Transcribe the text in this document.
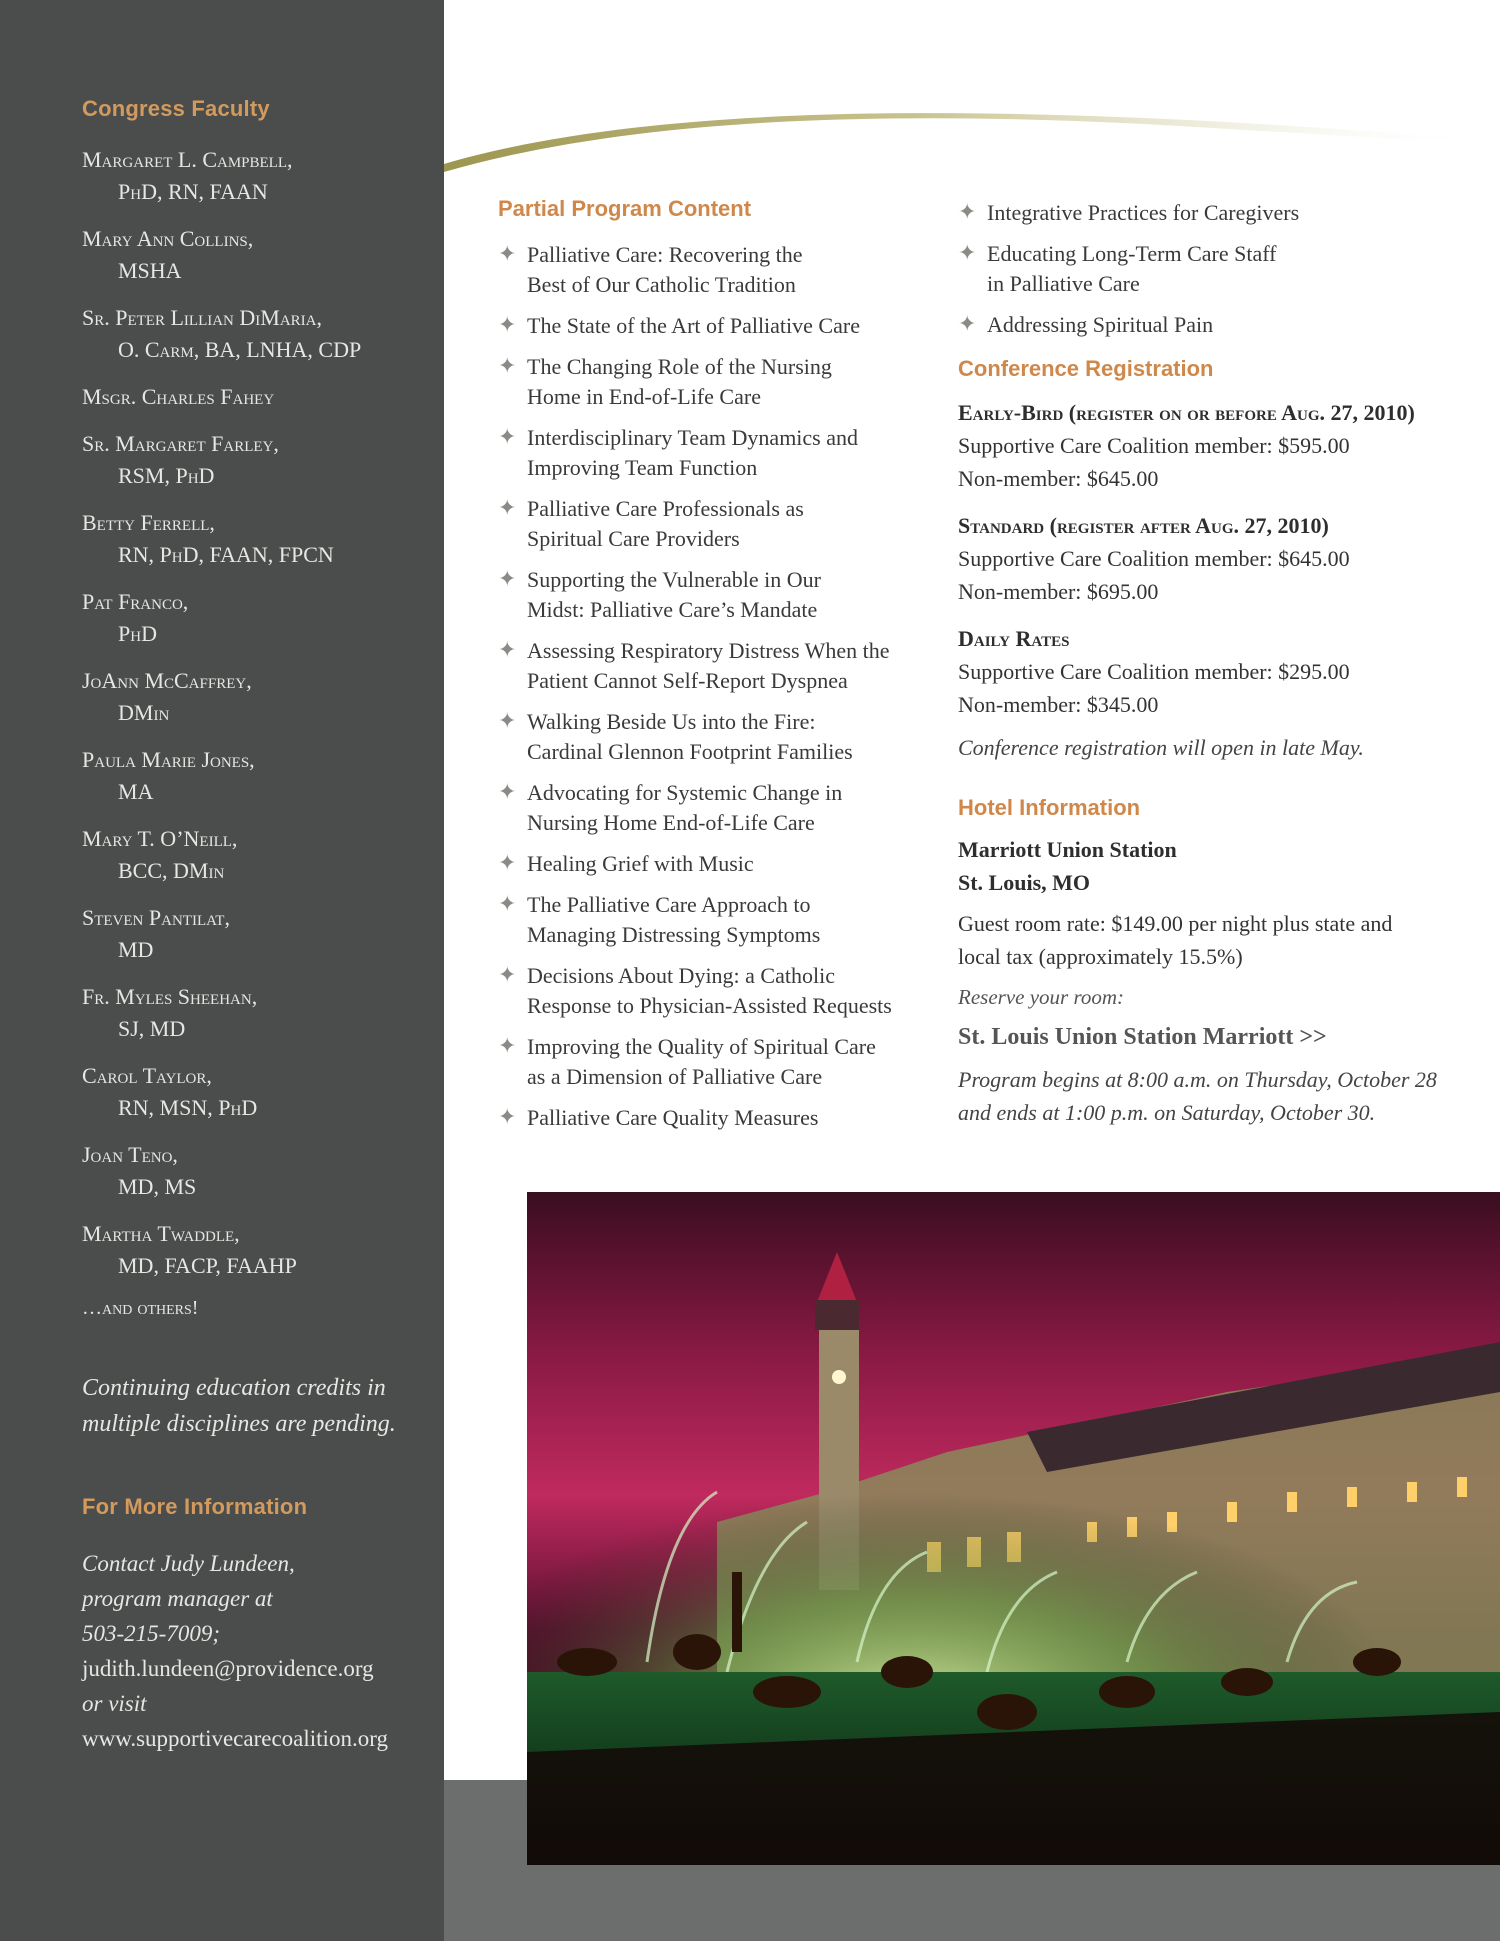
Congress Faculty
Margaret L. Campbell,
PhD, RN, FAAN
Mary Ann Collins,
MSHA
Sr. Peter Lillian DiMaria,
O. Carm, BA, LNHA, CDP
Msgr. Charles Fahey
Sr. Margaret Farley,
RSM, PhD
Betty Ferrell,
RN, PhD, FAAN, FPCN
Pat Franco,
PhD
JoAnn McCaffrey,
DMin
Paula Marie Jones,
MA
Mary T. O’Neill,
BCC, DMin
Steven Pantilat,
MD
Fr. Myles Sheehan,
SJ, MD
Carol Taylor,
RN, MSN, PhD
Joan Teno,
MD, MS
Martha Twaddle,
MD, FACP, FAAHP

…and others!

Continuing education credits in
multiple disciplines are pending.

For More Information

Contact Judy Lundeen,
program manager at
503-215-7009;
judith.lundeen@providence.org
or visit
www.supportivecarecoalition.org

Partial Program Content
✦ Palliative Care: Recovering the
Best of Our Catholic Tradition
✦ The State of the Art of Palliative Care
✦ The Changing Role of the Nursing
Home in End-of-Life Care
✦ Interdisciplinary Team Dynamics and
Improving Team Function
✦ Palliative Care Professionals as
Spiritual Care Providers
✦ Supporting the Vulnerable in Our
Midst: Palliative Care’s Mandate
✦ Assessing Respiratory Distress When the
Patient Cannot Self-Report Dyspnea
✦ Walking Beside Us into the Fire:
Cardinal Glennon Footprint Families
✦ Advocating for Systemic Change in
Nursing Home End-of-Life Care
✦ Healing Grief with Music
✦ The Palliative Care Approach to
Managing Distressing Symptoms
✦ Decisions About Dying: a Catholic
Response to Physician-Assisted Requests
✦ Improving the Quality of Spiritual Care
as a Dimension of Palliative Care
✦ Palliative Care Quality Measures
✦ Integrative Practices for Caregivers
✦ Educating Long-Term Care Staff
in Palliative Care
✦ Addressing Spiritual Pain
Conference Registration
Early-Bird (register on or before Aug. 27, 2010)
Supportive Care Coalition member: $595.00
Non-member: $645.00
Standard (register after Aug. 27, 2010)
Supportive Care Coalition member: $645.00
Non-member: $695.00
Daily Rates
Supportive Care Coalition member: $295.00
Non-member: $345.00

Conference registration will open in late May.

Hotel Information

Marriott Union Station
St. Louis, MO

Guest room rate: $149.00 per night plus state and
local tax (approximately 15.5%)

Reserve your room:

St. Louis Union Station Marriott >>

Program begins at 8:00 a.m. on Thursday, October 28
and ends at 1:00 p.m. on Saturday, October 30.
